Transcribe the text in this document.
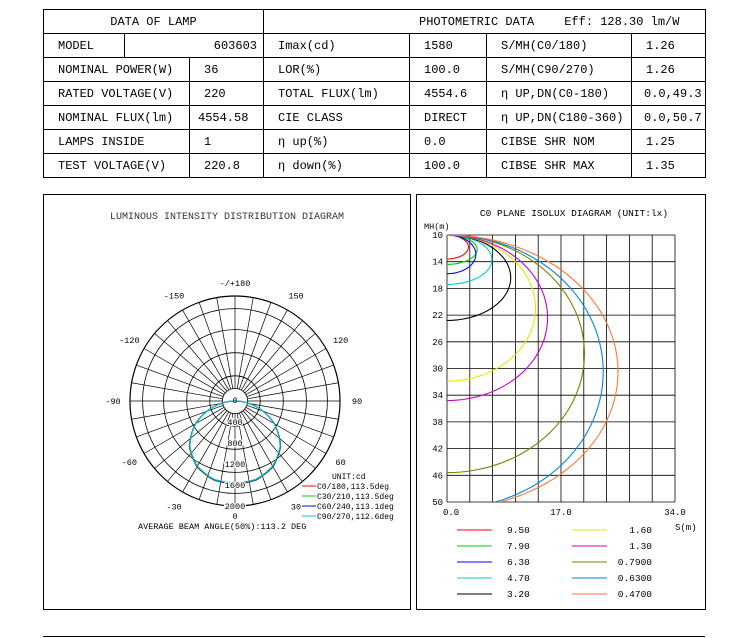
DATA OF LAMP			PHOTOMETRIC DATA Eff: 128.30 lm/W			
MODEL	603603		Imax(cd)	1580	S/MH(C0/180)	1.26
NOMINAL POWER(W)		36	LOR(%)	100.0	S/MH(C90/270)	1.26
RATED VOLTAGE(V)		220	TOTAL FLUX(lm)	4554.6	η UP,DN(C0-180)	0.0,49.3
NOMINAL FLUX(lm)		4554.58	CIE CLASS	DIRECT	η UP,DN(C180-360)	0.0,50.7
LAMPS INSIDE		1	η up(%)	0.0	CIBSE SHR NOM	1.25
TEST VOLTAGE(V)		220.8	η down(%)	100.0	CIBSE SHR MAX	1.35
LUMINOUS INTENSITY DISTRIBUTION DIAGRAM
-/+180
150
120
90
60
30
0
-30
-60
-90
-120
-150
400
800
1200
1600
2000
0
UNIT:cd
C0/180,113.5deg
C30/210,113.5deg
C60/240,113.1deg
C90/270,112.6deg
AVERAGE BEAM ANGLE(50%):113.2 DEG
C0 PLANE ISOLUX DIAGRAM (UNIT:lx)
MH(m)
S(m)
10
14
18
22
26
30
34
38
42
46
50
0.0	17.0	34.0
9.50
7.90
6.30
4.70
3.20
1.60
1.30
0.7900
0.6300
0.4700
